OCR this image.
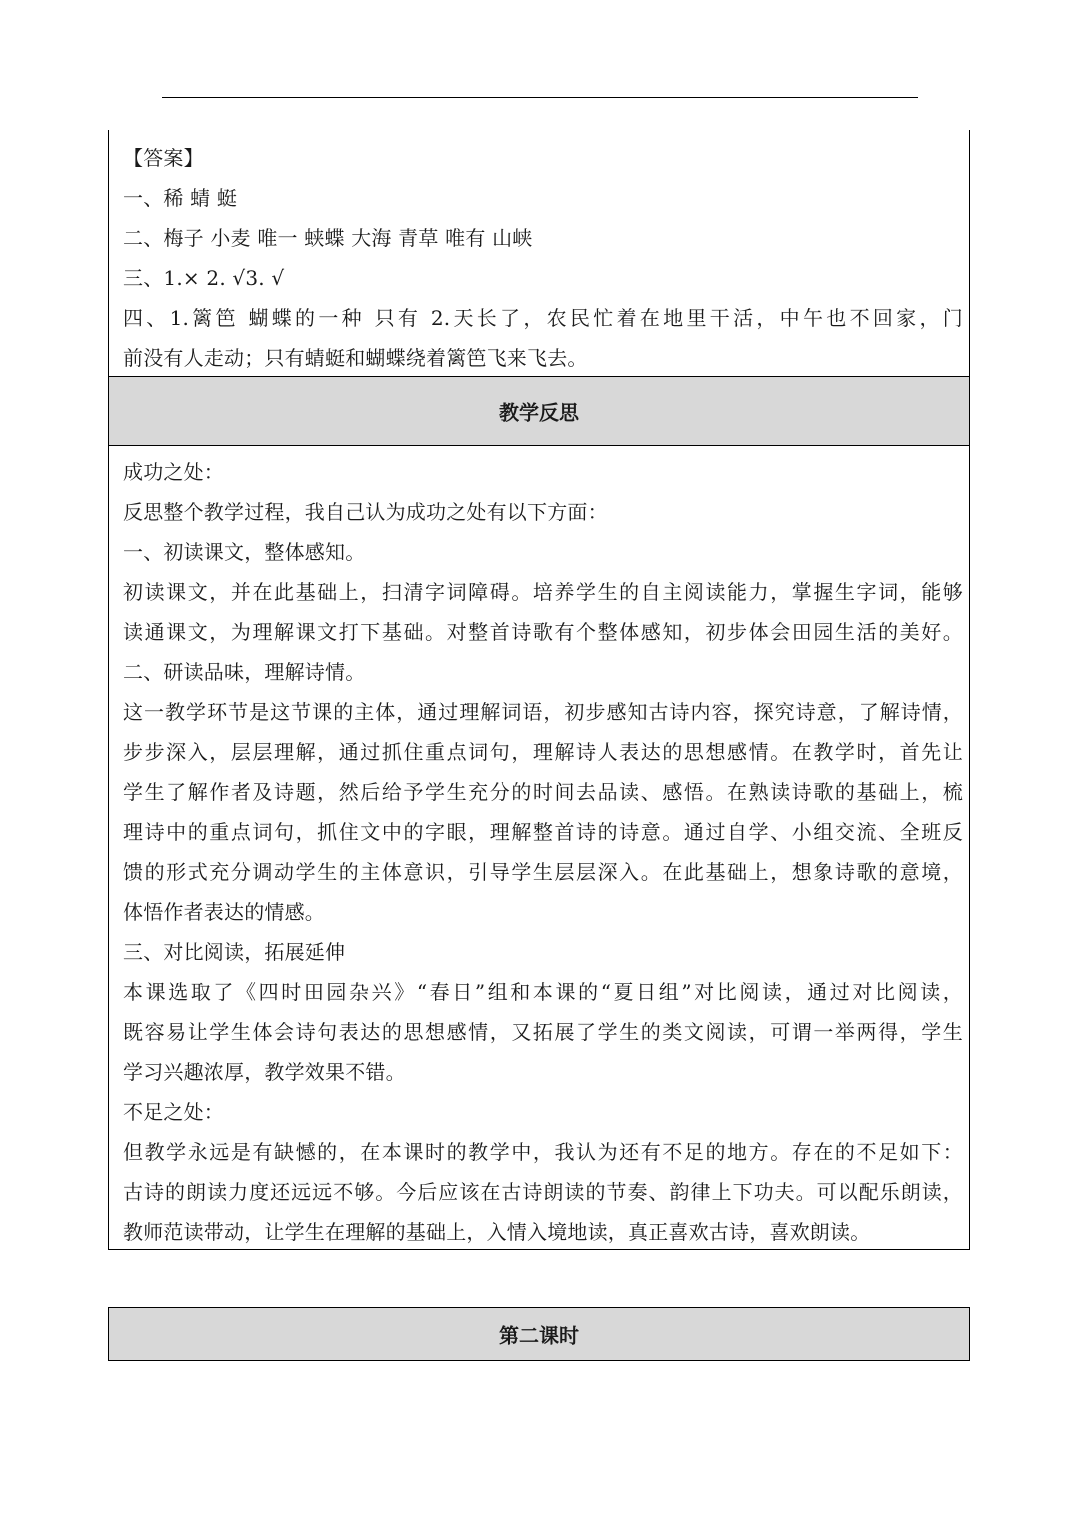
【答案】
一、稀 蜻 蜓
二、梅子 小麦 唯一 蛱蝶 大海 青草 唯有 山峡
三、1.× 2. √3. √
四、1.篱笆 蝴蝶的一种 只有 2.天长了，农民忙着在地里干活，中午也不回家，门
前没有人走动；只有蜻蜓和蝴蝶绕着篱笆飞来飞去。
教学反思
成功之处：
反思整个教学过程，我自己认为成功之处有以下方面：
一、初读课文，整体感知。
初读课文，并在此基础上，扫清字词障碍。培养学生的自主阅读能力，掌握生字词，能够
读通课文，为理解课文打下基础。对整首诗歌有个整体感知，初步体会田园生活的美好。
二、研读品味，理解诗情。
这一教学环节是这节课的主体，通过理解词语，初步感知古诗内容，探究诗意，了解诗情，
步步深入，层层理解，通过抓住重点词句，理解诗人表达的思想感情。在教学时，首先让
学生了解作者及诗题，然后给予学生充分的时间去品读、感悟。在熟读诗歌的基础上，梳
理诗中的重点词句，抓住文中的字眼，理解整首诗的诗意。通过自学、小组交流、全班反
馈的形式充分调动学生的主体意识，引导学生层层深入。在此基础上，想象诗歌的意境，
体悟作者表达的情感。
三、对比阅读，拓展延伸
本课选取了《四时田园杂兴》“春日”组和本课的“夏日组”对比阅读，通过对比阅读，
既容易让学生体会诗句表达的思想感情，又拓展了学生的类文阅读，可谓一举两得，学生
学习兴趣浓厚，教学效果不错。
不足之处：
但教学永远是有缺憾的，在本课时的教学中，我认为还有不足的地方。存在的不足如下：
古诗的朗读力度还远远不够。今后应该在古诗朗读的节奏、韵律上下功夫。可以配乐朗读，
教师范读带动，让学生在理解的基础上，入情入境地读，真正喜欢古诗，喜欢朗读。
第二课时
